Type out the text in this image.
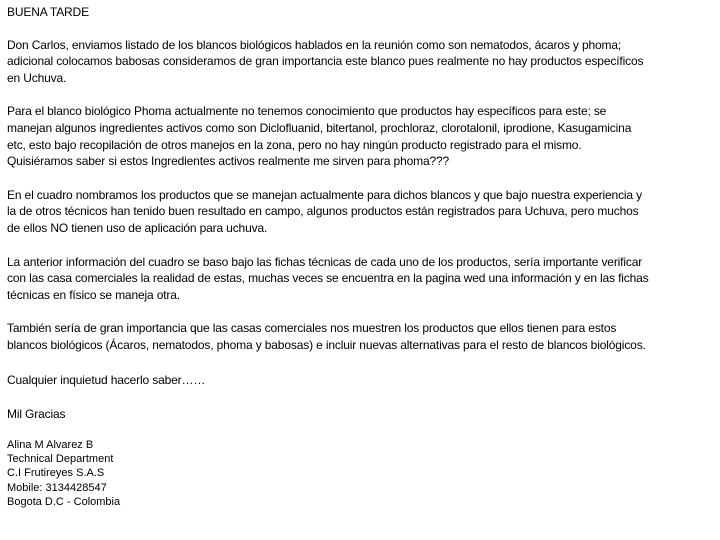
BUENA TARDE

Don Carlos, enviamos listado de los blancos biológicos hablados en la reunión como son nematodos, ácaros y phoma;

adicional colocamos babosas consideramos de gran importancia este blanco pues realmente no hay productos específicos

en Uchuva.

Para el blanco biológico Phoma actualmente no tenemos conocimiento que productos hay específicos para este; se

manejan algunos ingredientes activos como son Diclofluanid, bitertanol, prochloraz, clorotalonil, iprodione, Kasugamicina

etc, esto bajo recopilación de otros manejos en la zona, pero no hay ningún producto registrado para el mismo.

Quisiéramos saber si estos Ingredientes activos realmente me sirven para phoma???

En el cuadro nombramos los productos que se manejan actualmente para dichos blancos y que bajo nuestra experiencia y

la de otros técnicos han tenido buen resultado en campo, algunos productos están registrados para Uchuva, pero muchos

de ellos NO tienen uso de aplicación para uchuva.

La anterior información del cuadro se baso bajo las fichas técnicas de cada uno de los productos, sería importante verificar

con las casa comerciales la realidad de estas, muchas veces se encuentra en la pagina wed una información y en las fichas

técnicas en físico se maneja otra.

También sería de gran importancia que las casas comerciales nos muestren los productos que ellos tienen para estos

blancos biológicos (Ácaros, nematodos, phoma y babosas) e incluir nuevas alternativas para el resto de blancos biológicos.

Cualquier inquietud hacerlo saber……

Mil Gracias

Alina M Alvarez B

Technical Department

C.I Frutireyes S.A.S

Mobile: 3134428547

Bogota D.C - Colombia
